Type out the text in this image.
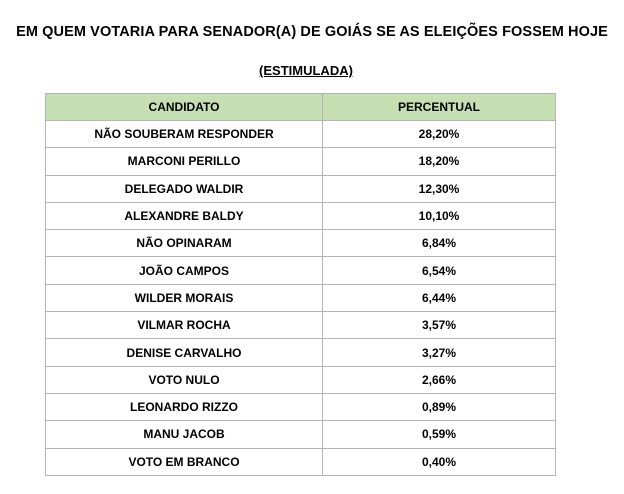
EM QUEM VOTARIA PARA SENADOR(A) DE GOIÁS SE AS ELEIÇÕES FOSSEM HOJE
(ESTIMULADA)
CANDIDATO	PERCENTUAL
NÃO SOUBERAM RESPONDER	28,20%
MARCONI PERILLO	18,20%
DELEGADO WALDIR	12,30%
ALEXANDRE BALDY	10,10%
NÃO OPINARAM	6,84%
JOÃO CAMPOS	6,54%
WILDER MORAIS	6,44%
VILMAR ROCHA	3,57%
DENISE CARVALHO	3,27%
VOTO NULO	2,66%
LEONARDO RIZZO	0,89%
MANU JACOB	0,59%
VOTO EM BRANCO	0,40%
